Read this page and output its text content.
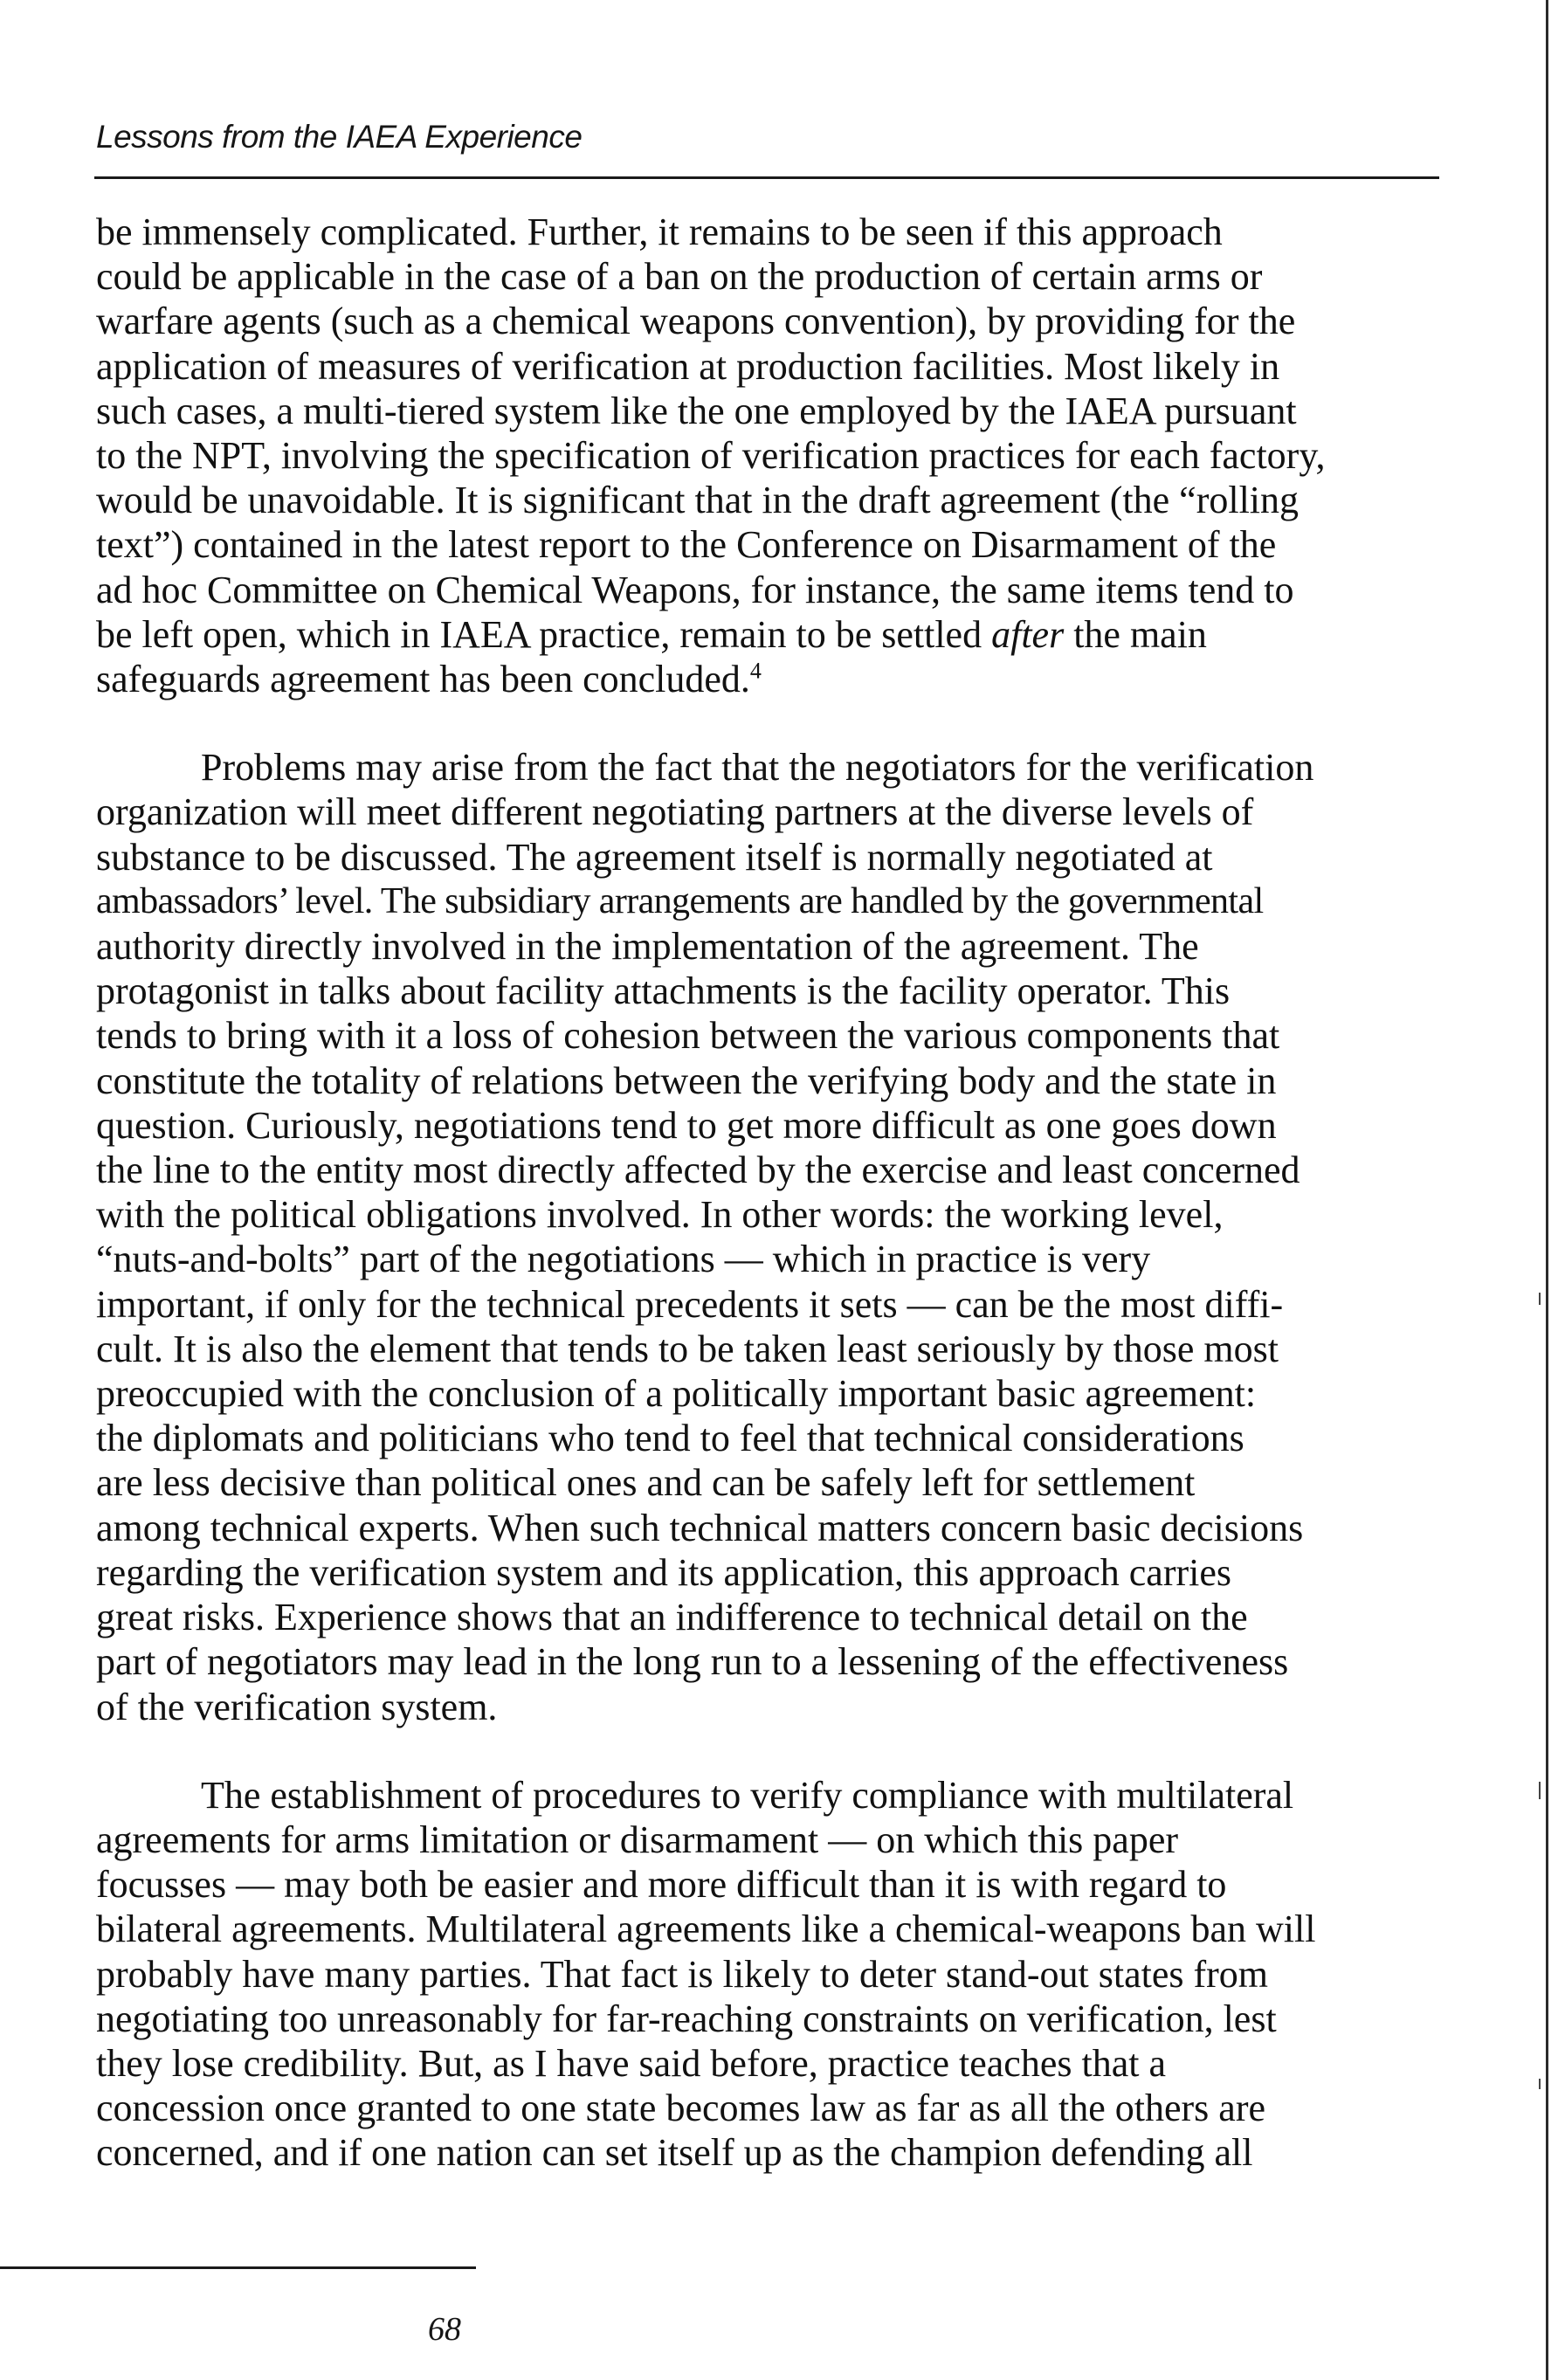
Lessons from the IAEA Experience
be immensely complicated. Further, it remains to be seen if this approach
could be applicable in the case of a ban on the production of certain arms or
warfare agents (such as a chemical weapons convention), by providing for the
application of measures of verification at production facilities. Most likely in
such cases, a multi-tiered system like the one employed by the IAEA pursuant
to the NPT, involving the specification of verification practices for each factory,
would be unavoidable. It is significant that in the draft agreement (the “rolling
text”) contained in the latest report to the Conference on Disarmament of the
ad hoc Committee on Chemical Weapons, for instance, the same items tend to
be left open, which in IAEA practice, remain to be settled after the main
safeguards agreement has been concluded.$^4$
Problems may arise from the fact that the negotiators for the verification
organization will meet different negotiating partners at the diverse levels of
substance to be discussed. The agreement itself is normally negotiated at
ambassadors’ level. The subsidiary arrangements are handled by the governmental
authority directly involved in the implementation of the agreement. The
protagonist in talks about facility attachments is the facility operator. This
tends to bring with it a loss of cohesion between the various components that
constitute the totality of relations between the verifying body and the state in
question. Curiously, negotiations tend to get more difficult as one goes down
the line to the entity most directly affected by the exercise and least concerned
with the political obligations involved. In other words: the working level,
“nuts-and-bolts” part of the negotiations — which in practice is very
important, if only for the technical precedents it sets — can be the most diffi-
cult. It is also the element that tends to be taken least seriously by those most
preoccupied with the conclusion of a politically important basic agreement:
the diplomats and politicians who tend to feel that technical considerations
are less decisive than political ones and can be safely left for settlement
among technical experts. When such technical matters concern basic decisions
regarding the verification system and its application, this approach carries
great risks. Experience shows that an indifference to technical detail on the
part of negotiators may lead in the long run to a lessening of the effectiveness
of the verification system.
The establishment of procedures to verify compliance with multilateral
agreements for arms limitation or disarmament — on which this paper
focusses — may both be easier and more difficult than it is with regard to
bilateral agreements. Multilateral agreements like a chemical-weapons ban will
probably have many parties. That fact is likely to deter stand-out states from
negotiating too unreasonably for far-reaching constraints on verification, lest
they lose credibility. But, as I have said before, practice teaches that a
concession once granted to one state becomes law as far as all the others are
concerned, and if one nation can set itself up as the champion defending all
68
